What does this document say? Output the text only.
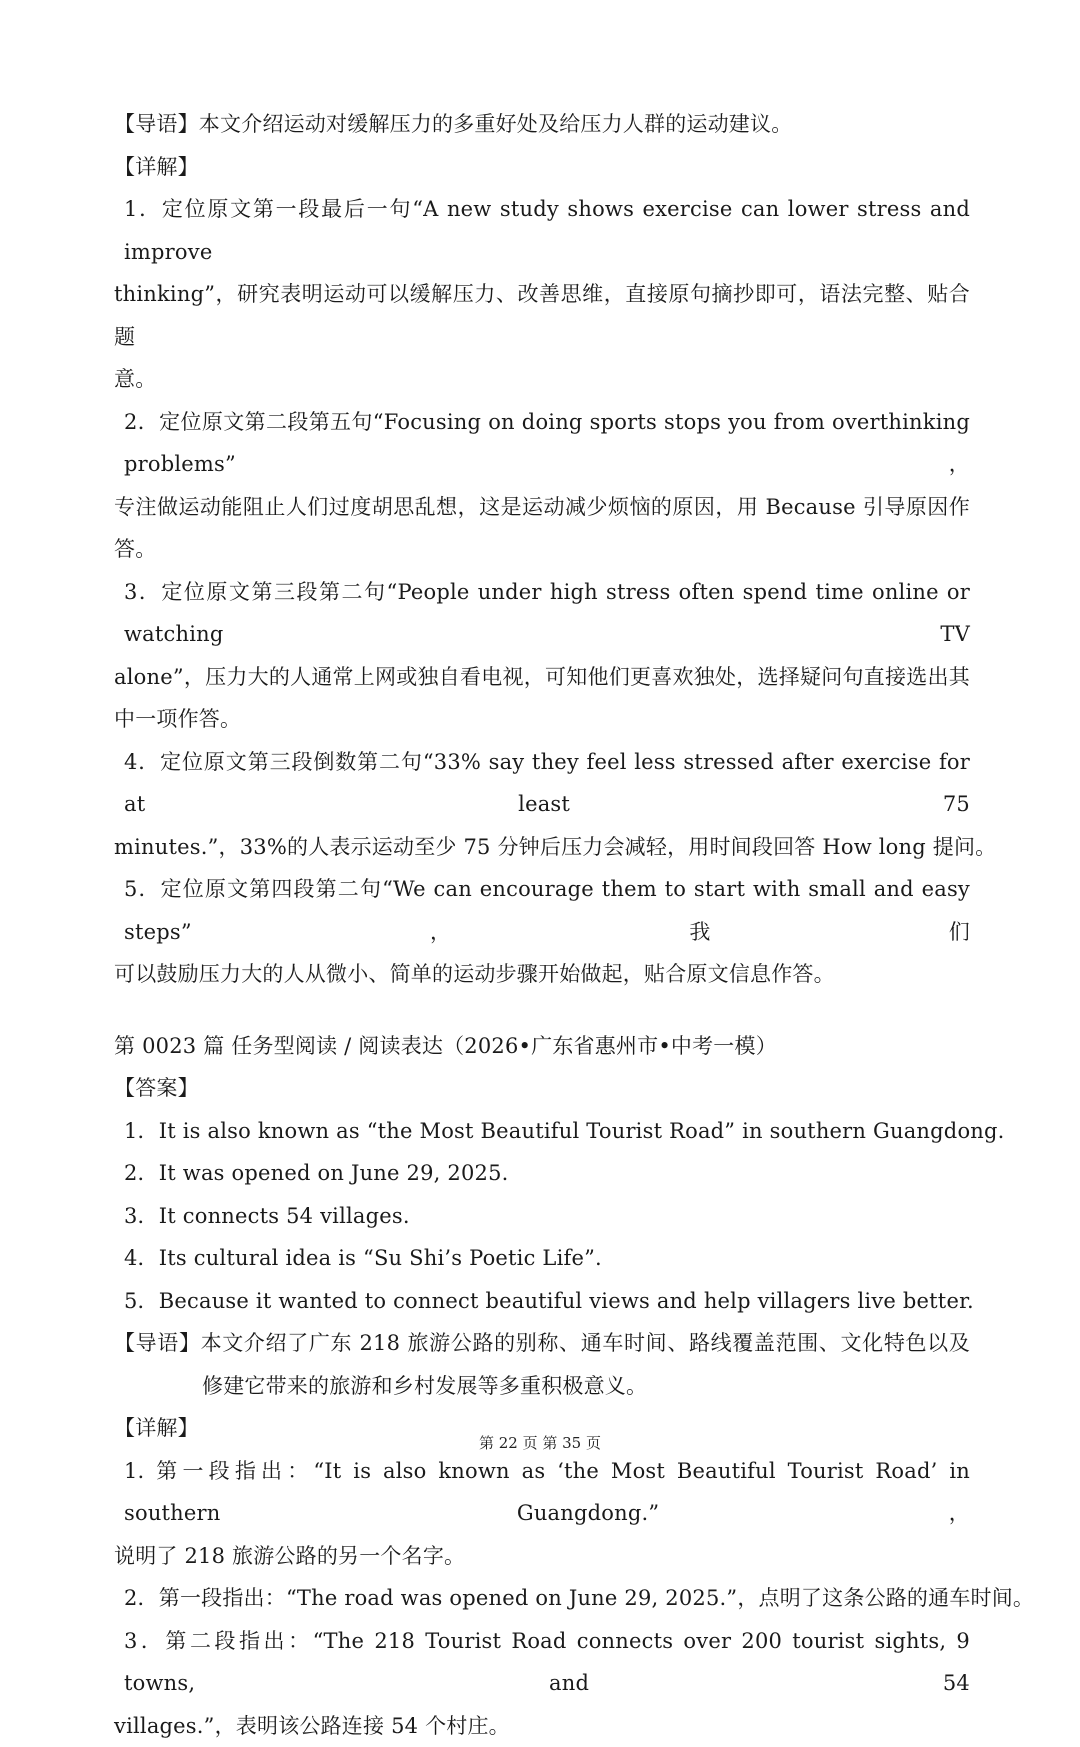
【导语】本文介绍运动对缓解压力的多重好处及给压力人群的运动建议。
【详解】
1．定位原文第一段最后一句“A new study shows exercise can lower stress and improve
thinking”，研究表明运动可以缓解压力、改善思维，直接原句摘抄即可，语法完整、贴合题
意。
2．定位原文第二段第五句“Focusing on doing sports stops you from overthinking problems”，
专注做运动能阻止人们过度胡思乱想，这是运动减少烦恼的原因，用 Because 引导原因作
答。
3．定位原文第三段第二句“People under high stress often spend time online or watching TV
alone”，压力大的人通常上网或独自看电视，可知他们更喜欢独处，选择疑问句直接选出其
中一项作答。
4．定位原文第三段倒数第二句“33% say they feel less stressed after exercise for at least 75
minutes.”，33%的人表示运动至少 75 分钟后压力会减轻，用时间段回答 How long 提问。
5．定位原文第四段第二句“We can encourage them to start with small and easy steps”，我们
可以鼓励压力大的人从微小、简单的运动步骤开始做起，贴合原文信息作答。
第 0023 篇 任务型阅读 / 阅读表达（2026•广东省惠州市•中考一模）
【答案】
1．It is also known as “the Most Beautiful Tourist Road” in southern Guangdong.
2．It was opened on June 29, 2025.
3．It connects 54 villages.
4．Its cultural idea is “Su Shi’s Poetic Life”.
5．Because it wanted to connect beautiful views and help villagers live better.
【导语】本文介绍了广东 218 旅游公路的别称、通车时间、路线覆盖范围、文化特色以及
修建它带来的旅游和乡村发展等多重积极意义。
【详解】
1. 第一段指出：“It is also known as ‘the Most Beautiful Tourist Road’ in southern Guangdong.”，
说明了 218 旅游公路的另一个名字。
2．第一段指出：“The road was opened on June 29, 2025.”，点明了这条公路的通车时间。
3．第二段指出：“The 218 Tourist Road connects over 200 tourist sights, 9 towns, and 54
villages.”，表明该公路连接 54 个村庄。
第 22 页 第 35 页
